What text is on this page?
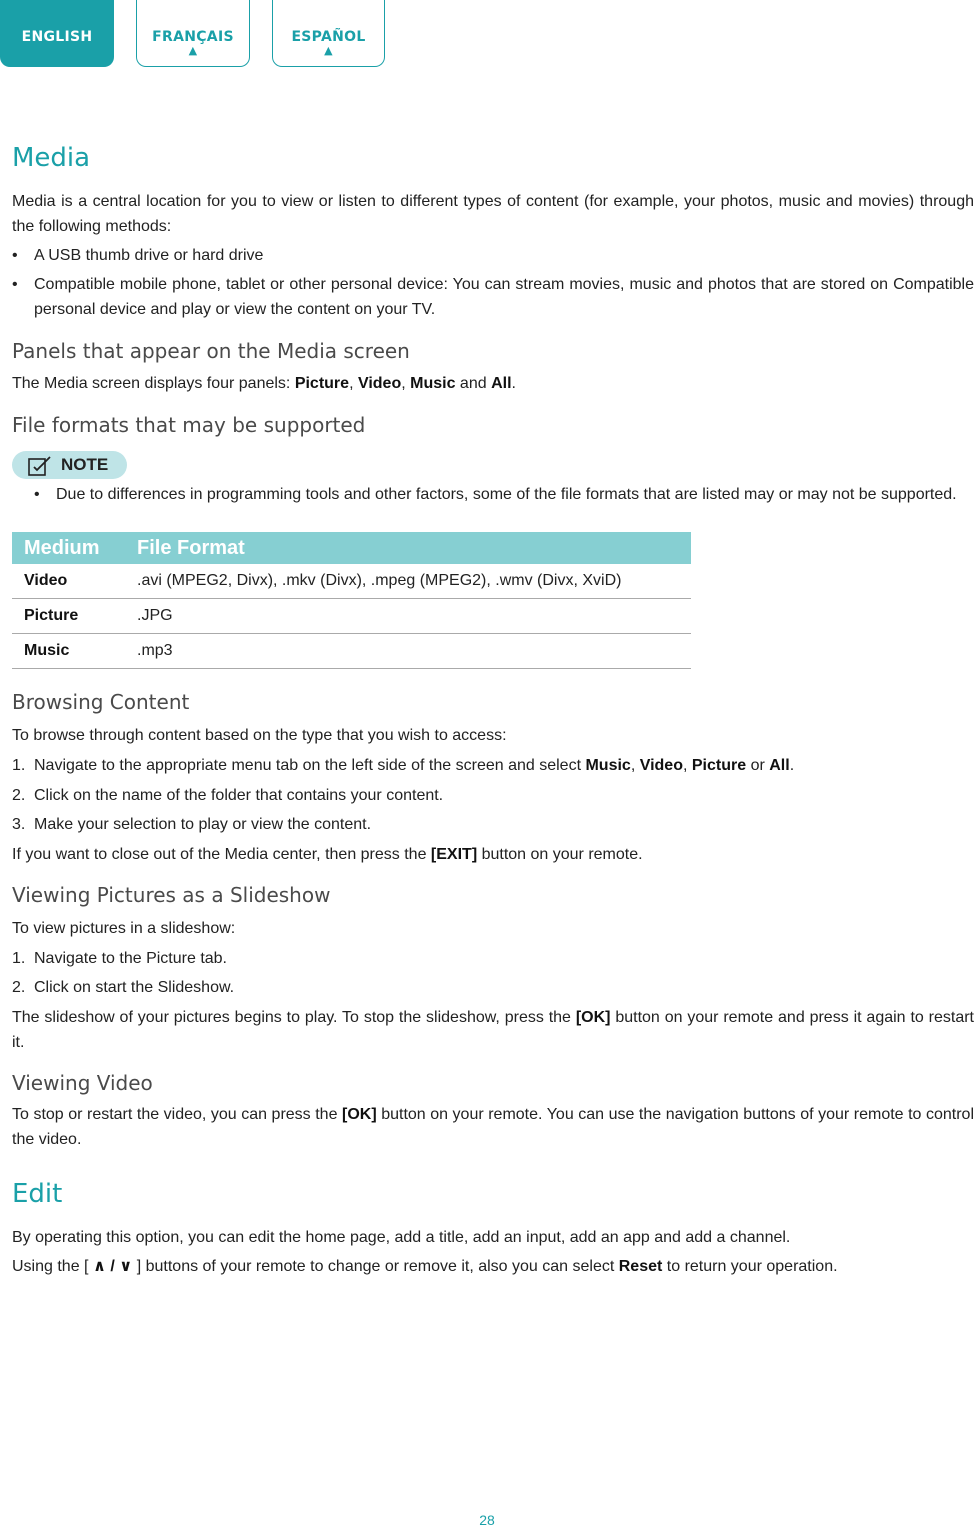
ENGLISH	FRANÇAIS
▲
ESPAÑOL
▲
Media
Media is a central location for you to view or listen to different types of content (for example, your photos, music and movies) through the following methods:
• A USB thumb drive or hard drive
• Compatible mobile phone, tablet or other personal device: You can stream movies, music and photos that are stored on Compatible personal device and play or view the content on your TV.
Panels that appear on the Media screen
The Media screen displays four panels: Picture, Video, Music and All.
File formats that may be supported
NOTE
• Due to differences in programming tools and other factors, some of the file formats that are listed may or may not be supported.
Medium	File Format
Video	.avi (MPEG2, Divx), .mkv (Divx), .mpeg (MPEG2), .wmv (Divx, XviD)
Picture	.JPG
Music	.mp3
Browsing Content
To browse through content based on the type that you wish to access:
1. Navigate to the appropriate menu tab on the left side of the screen and select Music, Video, Picture or All.
2. Click on the name of the folder that contains your content.
3. Make your selection to play or view the content.
If you want to close out of the Media center, then press the [EXIT] button on your remote.
Viewing Pictures as a Slideshow
To view pictures in a slideshow:
1. Navigate to the Picture tab.
2. Click on start the Slideshow.
The slideshow of your pictures begins to play. To stop the slideshow, press the [OK] button on your remote and press it again to restart it.
Viewing Video
To stop or restart the video, you can press the [OK] button on your remote. You can use the navigation buttons of your remote to control the video.
Edit
By operating this option, you can edit the home page, add a title, add an input, add an app and add a channel.
Using the [ ∧ / ∨ ] buttons of your remote to change or remove it, also you can select Reset to return your operation.
28
